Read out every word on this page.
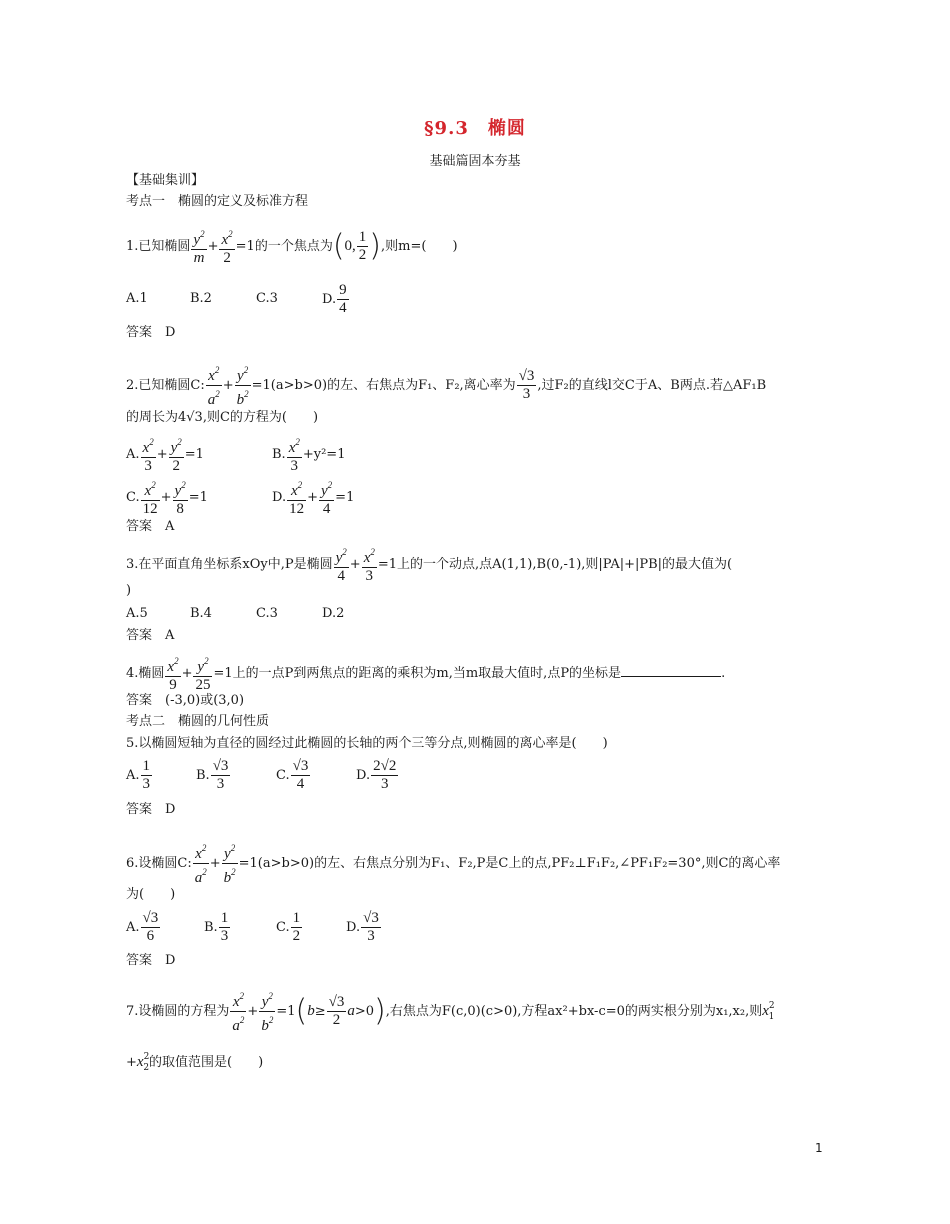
§9.3　椭圆
基础篇固本夯基
【基础集训】
考点一　椭圆的定义及标准方程
1.已知椭圆 $\frac{y^2}{m} + \frac{x^2}{2} =1$的一个焦点为(0, $\frac{1}{2}$ ),则m=(　　)
A.1	B.2	C.3	D. $\frac{9}{4}$
答案　D
2.已知椭圆C: $\frac{x^2}{a^2} + \frac{y^2}{b^2} =1(a>b>0)$的左、右焦点为F₁、F₂,离心率为 $\frac{√3}{3}$ ,过F₂的直线l交C于A、B两点.若△AF₁B
的周长为4√3,则C的方程为(　　)
A. $\frac{x^2}{3} + \frac{y^2}{2} =1$	B. $\frac{x^2}{3} +y^2=1$
C. $\frac{x^2}{12} + \frac{y^2}{8} =1$	D. $\frac{x^2}{12} + \frac{y^2}{4} =1$
答案　A
3.在平面直角坐标系xOy中,P是椭圆 $\frac{y^2}{4} + \frac{x^2}{3} =1$上的一个动点,点A(1,1),B(0,-1),则|PA|+|PB|的最大值为(
)
A.5	B.4	C.3	D.2
答案　A
4.椭圆 $\frac{x^2}{9} + \frac{y^2}{25} =1$上的一点P到两焦点的距离的乘积为m,当m取最大值时,点P的坐标是	.
答案　(-3,0)或(3,0)
考点二　椭圆的几何性质
5.以椭圆短轴为直径的圆经过此椭圆的长轴的两个三等分点,则椭圆的离心率是(　　)
A. $\frac{1}{3}$	B. $\frac{√3}{3}$	C. $\frac{√3}{4}$	D. $\frac{2√2}{3}$
答案　D
6.设椭圆C: $\frac{x^2}{a^2} + \frac{y^2}{b^2} =1(a>b>0)$的左、右焦点分别为F₁、F₂,P是C上的点,PF₂⊥F₁F₂,∠PF₁F₂=30°,则C的离心率
为(　　)
A. $\frac{√3}{6}$	B. $\frac{1}{3}$	C. $\frac{1}{2}$	D. $\frac{√3}{3}$
答案　D
7.设椭圆的方程为 $\frac{x^2}{a^2} + \frac{y^2}{b^2} =1(b\ge \frac{√3}{2} a>0)$,右焦点为F(c,0)(c>0),方程ax²+bx-c=0的两实根分别为x₁,x₂,则$x^2_1$
$+x^2_2$的取值范围是(　　)
1
